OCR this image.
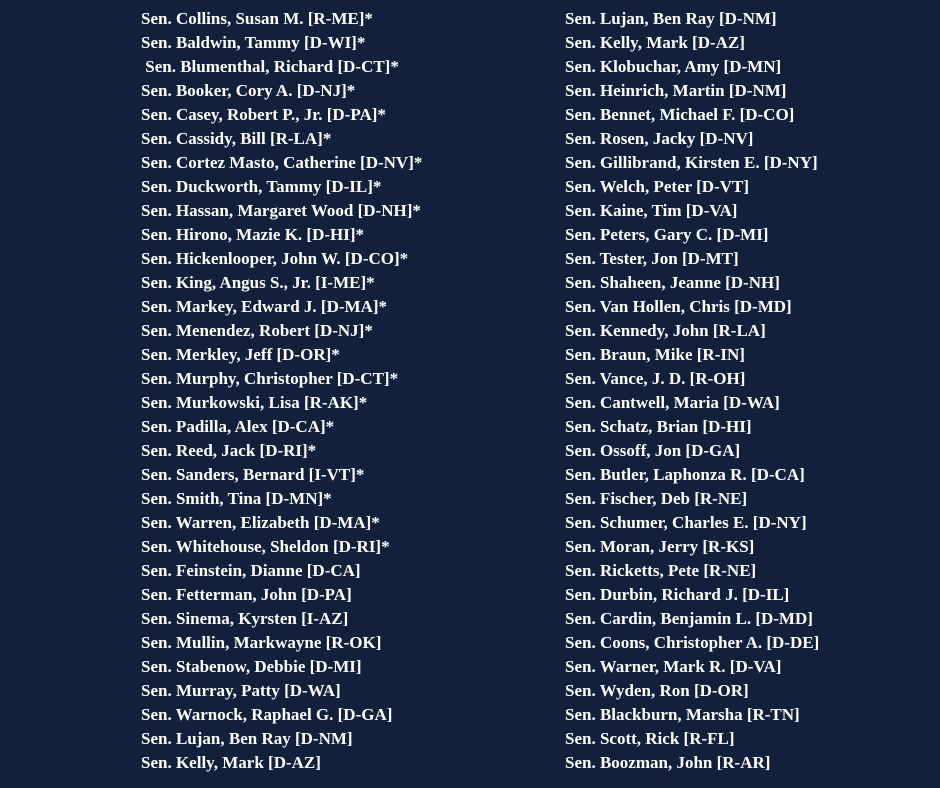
Sen. Collins, Susan M. [R-ME]*
Sen. Baldwin, Tammy [D-WI]*
Sen. Blumenthal, Richard [D-CT]*
Sen. Booker, Cory A. [D-NJ]*
Sen. Casey, Robert P., Jr. [D-PA]*
Sen. Cassidy, Bill [R-LA]*
Sen. Cortez Masto, Catherine [D-NV]*
Sen. Duckworth, Tammy [D-IL]*
Sen. Hassan, Margaret Wood [D-NH]*
Sen. Hirono, Mazie K. [D-HI]*
Sen. Hickenlooper, John W. [D-CO]*
Sen. King, Angus S., Jr. [I-ME]*
Sen. Markey, Edward J. [D-MA]*
Sen. Menendez, Robert [D-NJ]*
Sen. Merkley, Jeff [D-OR]*
Sen. Murphy, Christopher [D-CT]*
Sen. Murkowski, Lisa [R-AK]*
Sen. Padilla, Alex [D-CA]*
Sen. Reed, Jack [D-RI]*
Sen. Sanders, Bernard [I-VT]*
Sen. Smith, Tina [D-MN]*
Sen. Warren, Elizabeth [D-MA]*
Sen. Whitehouse, Sheldon [D-RI]*
Sen. Feinstein, Dianne [D-CA]
Sen. Fetterman, John [D-PA]
Sen. Sinema, Kyrsten [I-AZ]
Sen. Mullin, Markwayne [R-OK]
Sen. Stabenow, Debbie [D-MI]
Sen. Murray, Patty [D-WA]
Sen. Warnock, Raphael G. [D-GA]
Sen. Lujan, Ben Ray [D-NM]
Sen. Kelly, Mark [D-AZ]
Sen. Lujan, Ben Ray [D-NM]
Sen. Kelly, Mark [D-AZ]
Sen. Klobuchar, Amy [D-MN]
Sen. Heinrich, Martin [D-NM]
Sen. Bennet, Michael F. [D-CO]
Sen. Rosen, Jacky [D-NV]
Sen. Gillibrand, Kirsten E. [D-NY]
Sen. Welch, Peter [D-VT]
Sen. Kaine, Tim [D-VA]
Sen. Peters, Gary C. [D-MI]
Sen. Tester, Jon [D-MT]
Sen. Shaheen, Jeanne [D-NH]
Sen. Van Hollen, Chris [D-MD]
Sen. Kennedy, John [R-LA]
Sen. Braun, Mike [R-IN]
Sen. Vance, J. D. [R-OH]
Sen. Cantwell, Maria [D-WA]
Sen. Schatz, Brian [D-HI]
Sen. Ossoff, Jon [D-GA]
Sen. Butler, Laphonza R. [D-CA]
Sen. Fischer, Deb [R-NE]
Sen. Schumer, Charles E. [D-NY]
Sen. Moran, Jerry [R-KS]
Sen. Ricketts, Pete [R-NE]
Sen. Durbin, Richard J. [D-IL]
Sen. Cardin, Benjamin L. [D-MD]
Sen. Coons, Christopher A. [D-DE]
Sen. Warner, Mark R. [D-VA]
Sen. Wyden, Ron [D-OR]
Sen. Blackburn, Marsha [R-TN]
Sen. Scott, Rick [R-FL]
Sen. Boozman, John [R-AR]
